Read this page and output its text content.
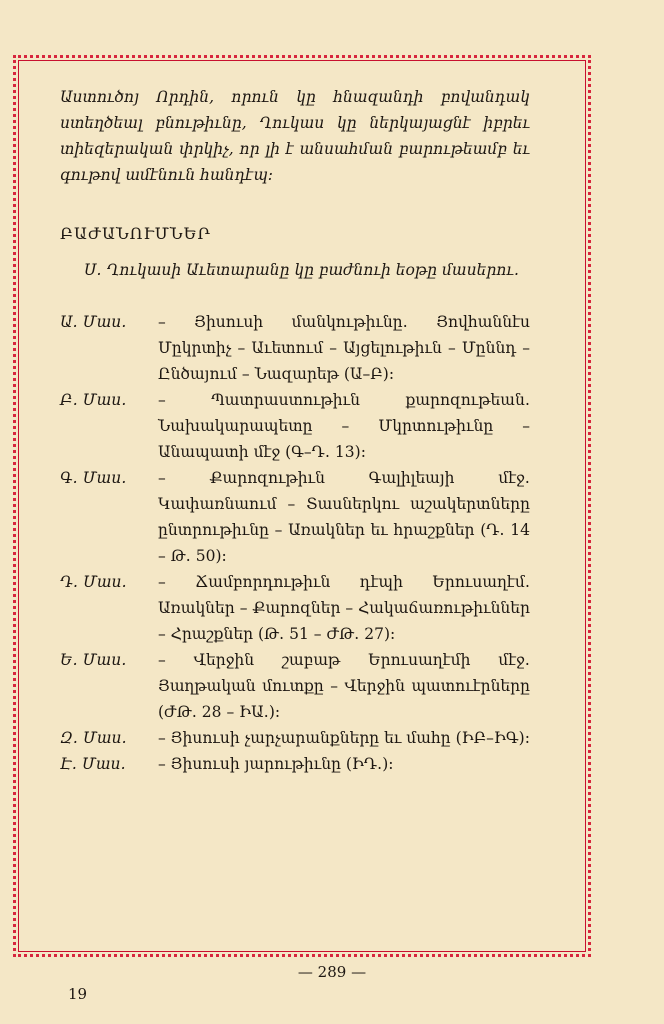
Աստուծոյ Որդին, որուն կը հնազանդի բովանդակ ստեղծեալ բնութիւնը, Ղուկաս կը ներկայացնէ իբրեւ տիեզերական փրկիչ, որ լի է անսահման բարութեամբ եւ գութով ամէնուն հանդէպ։

ԲԱԺԱՆՈՒՄՆԵՐ

Ս․ Ղուկասի Աւետարանը կը բաժնուի եօթը մասերու․

Ա․ Մաս․	– Յիսուսի մանկութիւնը․ Յովհաննէս Մըկրտիչ – Աւետում – Այցելութիւն – Մըննդ – Ընծայում – Նազարեթ (Ա–Բ)։
Բ․ Մաս․	– Պատրաստութիւն քարոզութեան․ Նախակարապետը – Մկրտութիւնը – Անապատի մէջ (Գ–Դ․ 13)։
Գ․ Մաս․	– Քարոզութիւն Գալիլեայի մէջ․ Կափառնաում – Տասներկու աշակերտները ընտրութիւնը – Առակներ եւ հրաշքներ (Դ․ 14 – Թ․ 50)։
Դ․ Մաս․	– Ճամբորդութիւն դէպի Երուսաղէմ․ Առակներ – Քարոզներ – Հակաճառութիւններ – Հրաշքներ (Թ․ 51 – ԺԹ․ 27)։
Ե․ Մաս․	– Վերջին շաբաթ Երուսաղէմի մէջ․ Յաղթական մուտքը – Վերջին պատուէրները (ԺԹ․ 28 – ԻԱ․)։
Զ․ Մաս․	– Յիսուսի չարչարանքները եւ մահը (ԻԲ–ԻԳ)։
Է․ Մաս․	– Յիսուսի յարութիւնը (ԻԴ․)։
— 289 —
19
